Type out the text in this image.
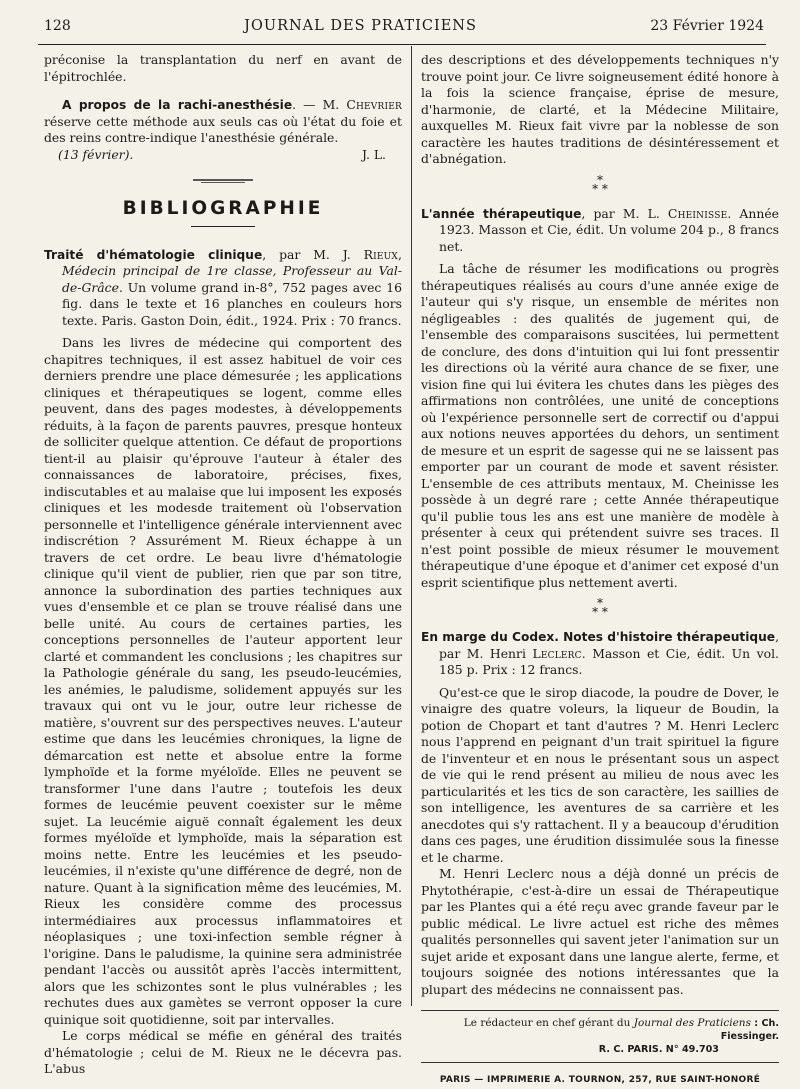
128	JOURNAL DES PRATICIENS	23 Février 1924

préconise la transplantation du nerf en avant de l'épitrochlée.

A propos de la rachi-anesthésie. — M. Chevrier réserve cette méthode aux seuls cas où l'état du foie et des reins contre-indique l'anesthésie générale.

(13 février).	J. L.
BIBLIOGRAPHIE

Traité d'hématologie clinique, par M. J. Rieux, Médecin principal de 1re classe, Professeur au Val-de-Grâce. Un volume grand in-8°, 752 pages avec 16 fig. dans le texte et 16 planches en couleurs hors texte. Paris. Gaston Doin, édit., 1924. Prix : 70 francs.

Dans les livres de médecine qui comportent des chapitres techniques, il est assez habituel de voir ces derniers prendre une place démesurée ; les applications cliniques et thérapeutiques se logent, comme elles peuvent, dans des pages modestes, à développements réduits, à la façon de parents pauvres, presque honteux de solliciter quelque attention. Ce défaut de proportions tient-il au plaisir qu'éprouve l'auteur à étaler des connaissances de laboratoire, précises, fixes, indiscutables et au malaise que lui imposent les exposés cliniques et les modesde traitement où l'observation personnelle et l'intelligence générale interviennent avec indiscrétion ? Assurément M. Rieux échappe à un travers de cet ordre. Le beau livre d'hématologie clinique qu'il vient de publier, rien que par son titre, annonce la subordination des parties techniques aux vues d'ensemble et ce plan se trouve réalisé dans une belle unité. Au cours de certaines parties, les conceptions personnelles de l'auteur apportent leur clarté et commandent les conclusions ; les chapitres sur la Pathologie générale du sang, les pseudo-leucémies, les anémies, le paludisme, solidement appuyés sur les travaux qui ont vu le jour, outre leur richesse de matière, s'ouvrent sur des perspectives neuves. L'auteur estime que dans les leucémies chroniques, la ligne de démarcation est nette et absolue entre la forme lymphoïde et la forme myéloïde. Elles ne peuvent se transformer l'une dans l'autre ; toutefois les deux formes de leucémie peuvent coexister sur le même sujet. La leucémie aiguë connaît également les deux formes myéloïde et lymphoïde, mais la séparation est moins nette. Entre les leucémies et les pseudo-leucémies, il n'existe qu'une différence de degré, non de nature. Quant à la signification même des leucémies, M. Rieux les considère comme des processus intermédiaires aux processus inflammatoires et néoplasiques ; une toxi-infection semble régner à l'origine. Dans le paludisme, la quinine sera administrée pendant l'accès ou aussitôt après l'accès intermittent, alors que les schizontes sont le plus vulnérables ; les rechutes dues aux gamètes se verront opposer la cure quinique soit quotidienne, soit par intervalles.

Le corps médical se méfie en général des traités d'hématologie ; celui de M. Rieux ne le décevra pas. L'abus

des descriptions et des développements techniques n'y trouve point jour. Ce livre soigneusement édité honore à la fois la science française, éprise de mesure, d'harmonie, de clarté, et la Médecine Militaire, auxquelles M. Rieux fait vivre par la noblesse de son caractère les hautes traditions de désintéressement et d'abnégation.

*
* *

L'année thérapeutique, par M. L. Cheinisse. Année 1923. Masson et Cie, édit. Un volume 204 p., 8 francs net.

La tâche de résumer les modifications ou progrès thérapeutiques réalisés au cours d'une année exige de l'auteur qui s'y risque, un ensemble de mérites non négligeables : des qualités de jugement qui, de l'ensemble des comparaisons suscitées, lui permettent de conclure, des dons d'intuition qui lui font pressentir les directions où la vérité aura chance de se fixer, une vision fine qui lui évitera les chutes dans les pièges des affirmations non contrôlées, une unité de conceptions où l'expérience personnelle sert de correctif ou d'appui aux notions neuves apportées du dehors, un sentiment de mesure et un esprit de sagesse qui ne se laissent pas emporter par un courant de mode et savent résister. L'ensemble de ces attributs mentaux, M. Cheinisse les possède à un degré rare ; cette Année thérapeutique qu'il publie tous les ans est une manière de modèle à présenter à ceux qui prétendent suivre ses traces. Il n'est point possible de mieux résumer le mouvement thérapeutique d'une époque et d'animer cet exposé d'un esprit scientifique plus nettement averti.

*
* *

En marge du Codex. Notes d'histoire thérapeutique, par M. Henri Leclerc. Masson et Cie, édit. Un vol. 185 p. Prix : 12 francs.

Qu'est-ce que le sirop diacode, la poudre de Dover, le vinaigre des quatre voleurs, la liqueur de Boudin, la potion de Chopart et tant d'autres ? M. Henri Leclerc nous l'apprend en peignant d'un trait spirituel la figure de l'inventeur et en nous le présentant sous un aspect de vie qui le rend présent au milieu de nous avec les particularités et les tics de son caractère, les saillies de son intelligence, les aventures de sa carrière et les anecdotes qui s'y rattachent. Il y a beaucoup d'érudition dans ces pages, une érudition dissimulée sous la finesse et le charme.

M. Henri Leclerc nous a déjà donné un précis de Phytothérapie, c'est-à-dire un essai de Thérapeutique par les Plantes qui a été reçu avec grande faveur par le public médical. Le livre actuel est riche des mêmes qualités personnelles qui savent jeter l'animation sur un sujet aride et exposant dans une langue alerte, ferme, et toujours soignée des notions intéressantes que la plupart des médecins ne connaissent pas.

Le rédacteur en chef gérant du Journal des Praticiens : Ch. Fiessinger.
R. C. PARIS. N° 49.703
PARIS — IMPRIMERIE A. TOURNON, 257, RUE SAINT-HONORÉ
